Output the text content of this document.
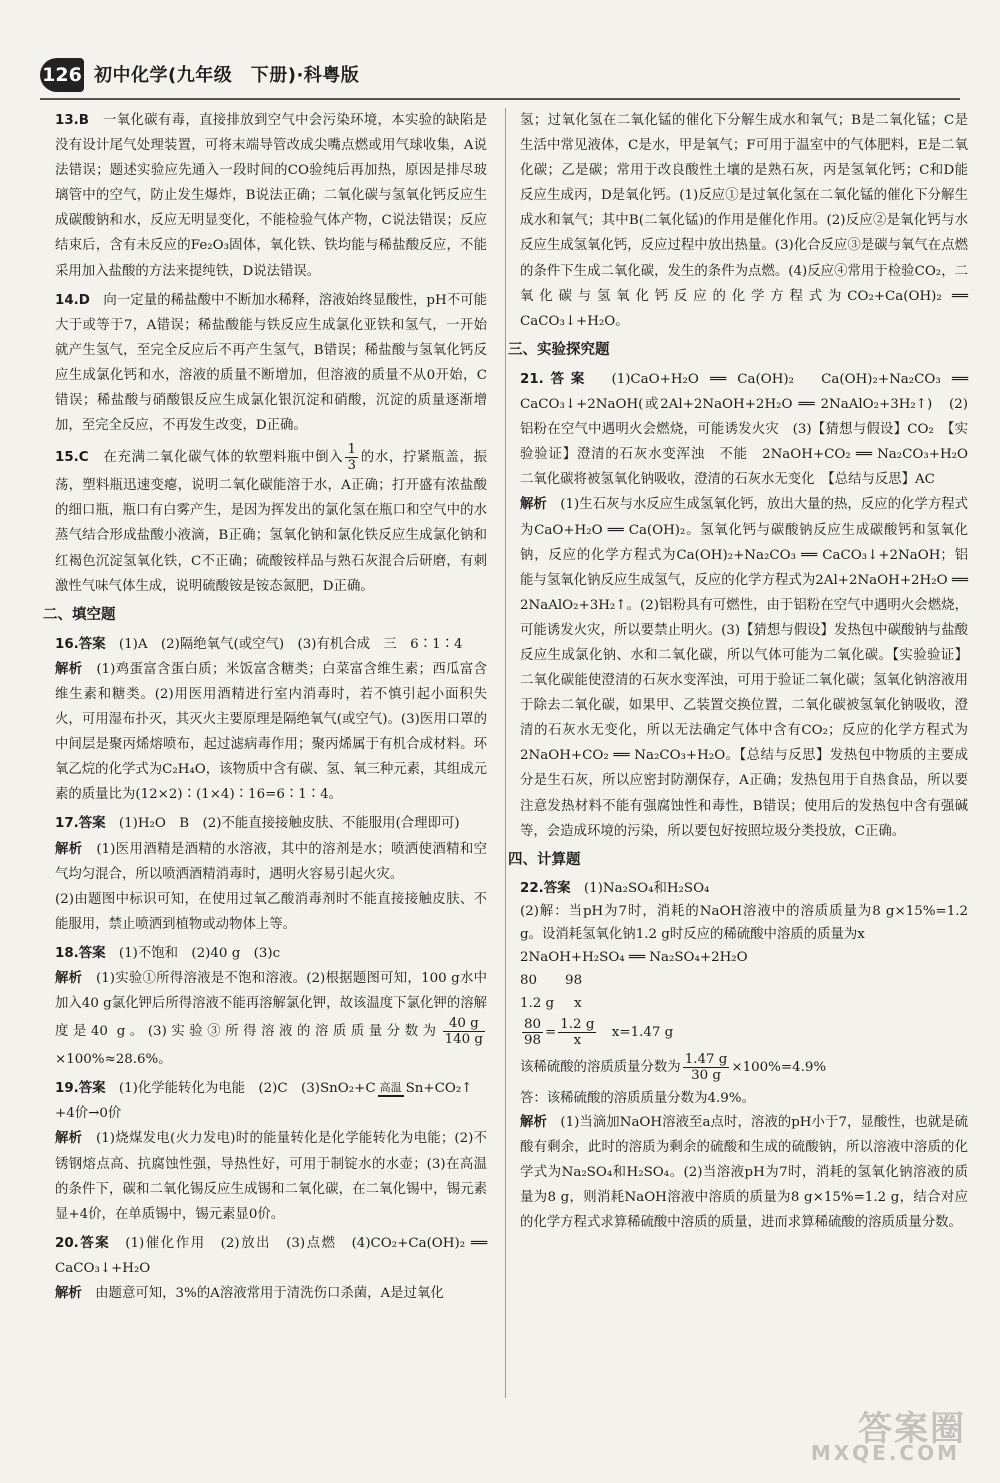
126 初中化学(九年级　下册)·科粤版

13.B　 一氧化碳有毒，直接排放到空气中会污染环境，本实验的缺陷是没有设计尾气处理装置，可将末端导管改成尖嘴点燃或用气球收集，A说法错误；题述实验应先通入一段时间的CO验纯后再加热，原因是排尽玻璃管中的空气，防止发生爆炸，B说法正确；二氧化碳与氢氧化钙反应生成碳酸钠和水，反应无明显变化，不能检验气体产物，C说法错误；反应结束后，含有未反应的Fe₂O₃固体，氧化铁、铁均能与稀盐酸反应，不能采用加入盐酸的方法来提纯铁，D说法错误。

14.D　 向一定量的稀盐酸中不断加水稀释，溶液始终显酸性，pH不可能大于或等于7，A错误；稀盐酸能与铁反应生成氯化亚铁和氢气，一开始就产生氢气，至完全反应后不再产生氢气，B错误；稀盐酸与氢氧化钙反应生成氯化钙和水，溶液的质量不断增加，但溶液的质量不从0开始，C错误；稀盐酸与硝酸银反应生成氯化银沉淀和硝酸，沉淀的质量逐渐增加，至完全反应，不再发生改变，D正确。

15.C　 在充满二氧化碳气体的软塑料瓶中倒入 $\frac{1}{3}$ 的水，拧紧瓶盖，振荡，塑料瓶迅速变瘪，说明二氧化碳能溶于水，A正确；打开盛有浓盐酸的细口瓶，瓶口有白雾产生，是因为挥发出的氯化氢在瓶口和空气中的水蒸气结合形成盐酸小液滴，B正确；氢氧化钠和氯化铁反应生成氯化钠和红褐色沉淀氢氧化铁，C不正确；硫酸铵样品与熟石灰混合后研磨，有刺激性气味气体生成，说明硫酸铵是铵态氮肥，D正确。

二、填空题

16.答案　 (1)A　(2)隔绝氧气(或空气)　(3)有机合成　三　6∶1∶4
解析　 (1)鸡蛋富含蛋白质；米饭富含糖类；白菜富含维生素；西瓜富含维生素和糖类。(2)用医用酒精进行室内消毒时，若不慎引起小面积失火，可用湿布扑灭，其灭火主要原理是隔绝氧气(或空气)。(3)医用口罩的中间层是聚丙烯熔喷布，起过滤病毒作用；聚丙烯属于有机合成材料。环氧乙烷的化学式为C₂H₄O，该物质中含有碳、氢、氧三种元素，其组成元素的质量比为(12×2)∶(1×4)∶16=6∶1∶4。

17.答案　 (1)H₂O　B　(2)不能直接接触皮肤、不能服用(合理即可)
解析　 (1)医用酒精是酒精的水溶液，其中的溶剂是水；喷洒使酒精和空气均匀混合，所以喷洒酒精消毒时，遇明火容易引起火灾。
(2)由题图中标识可知，在使用过氧乙酸消毒剂时不能直接接触皮肤、不能服用，禁止喷洒到植物或动物体上等。

18.答案　 (1)不饱和　(2)40 g　(3)c
解析　 (1)实验①所得溶液是不饱和溶液。(2)根据题图可知，100 g水中加入40 g氯化钾后所得溶液不能再溶解氯化钾，故该温度下氯化钾的溶解度是40 g。(3)实验③所得溶液的溶质质量分数为 $\frac{40 g}{140 g}$
×100%≈28.6%。

19.答案　 (1)化学能转化为电能　(2)C　(3)SnO₂+C 高温 Sn+CO₂↑
+4价→0价
解析　 (1)烧煤发电(火力发电)时的能量转化是化学能转化为电能；(2)不锈钢熔点高、抗腐蚀性强，导热性好，可用于制锭水的水壶；(3)在高温的条件下，碳和二氧化锡反应生成锡和二氧化碳，在二氧化锡中，锡元素显+4价，在单质锡中，锡元素显0价。

20.答案　 (1)催化作用　(2)放出　(3)点燃　(4)CO₂+Ca(OH)₂ ══ CaCO₃↓+H₂O
解析　 由题意可知，3%的A溶液常用于清洗伤口杀菌，A是过氧化

氢；过氧化氢在二氧化锰的催化下分解生成水和氧气；B是二氧化锰；C是生活中常见液体，C是水，甲是氧气；F可用于温室中的气体肥料，E是二氧化碳；乙是碳；常用于改良酸性土壤的是熟石灰，丙是氢氧化钙；C和D能反应生成丙，D是氧化钙。(1)反应①是过氧化氢在二氧化锰的催化下分解生成水和氧气；其中B(二氧化锰)的作用是催化作用。(2)反应②是氧化钙与水反应生成氢氧化钙，反应过程中放出热量。(3)化合反应③是碳与氧气在点燃的条件下生成二氧化碳，发生的条件为点燃。(4)反应④常用于检验CO₂，二氧化碳与氢氧化钙反应的化学方程式为CO₂+Ca(OH)₂ ══ CaCO₃↓+H₂O。

三、实验探究题

21.答案　 (1)CaO+H₂O ══ Ca(OH)₂　Ca(OH)₂+Na₂CO₃ ══ CaCO₃↓+2NaOH(或2Al+2NaOH+2H₂O ══ 2NaAlO₂+3H₂↑)　(2)铝粉在空气中遇明火会燃烧，可能诱发火灾　(3)【猜想与假设】CO₂　【实验验证】澄清的石灰水变浑浊　不能　2NaOH+CO₂ ══ Na₂CO₃+H₂O　二氧化碳将被氢氧化钠吸收，澄清的石灰水无变化　【总结与反思】AC
解析　 (1)生石灰与水反应生成氢氧化钙，放出大量的热，反应的化学方程式为CaO+H₂O ══ Ca(OH)₂。氢氧化钙与碳酸钠反应生成碳酸钙和氢氧化钠，反应的化学方程式为Ca(OH)₂+Na₂CO₃ ══ CaCO₃↓+2NaOH；铝能与氢氧化钠反应生成氢气，反应的化学方程式为2Al+2NaOH+2H₂O ══ 2NaAlO₂+3H₂↑。(2)铝粉具有可燃性，由于铝粉在空气中遇明火会燃烧，可能诱发火灾，所以要禁止明火。(3)【猜想与假设】发热包中碳酸钠与盐酸反应生成氯化钠、水和二氧化碳，所以气体可能为二氧化碳。【实验验证】二氧化碳能使澄清的石灰水变浑浊，可用于验证二氧化碳；氢氧化钠溶液用于除去二氧化碳，如果甲、乙装置交换位置，二氧化碳被氢氧化钠吸收，澄清的石灰水无变化，所以无法确定气体中含有CO₂；反应的化学方程式为2NaOH+CO₂ ══ Na₂CO₃+H₂O。【总结与反思】发热包中物质的主要成分是生石灰，所以应密封防潮保存，A正确；发热包用于自热食品，所以要注意发热材料不能有强腐蚀性和毒性，B错误；使用后的发热包中含有强碱等，会造成环境的污染，所以要包好按照垃圾分类投放，C正确。

四、计算题

22.答案　 (1)Na₂SO₄和H₂SO₄

(2)解：当pH为7时，消耗的NaOH溶液中的溶质质量为8 g×15%=1.2 g。设消耗氢氧化钠1.2 g时反应的稀硫酸中溶质的质量为x

2NaOH+H₂SO₄ ══ Na₂SO₄+2H₂O

80 98

1.2 g x

$\frac{80}{98} = \frac{1.2 g}{x}$
　 x=1.47 g

该稀硫酸的溶质质量分数为 $\frac{1.47 g}{30 g} \times 100\%=4.9\%$

答：该稀硫酸的溶质质量分数为4.9%。

解析　 (1)当滴加NaOH溶液至a点时，溶液的pH小于7，显酸性，也就是硫酸有剩余，此时的溶质为剩余的硫酸和生成的硫酸钠，所以溶液中溶质的化学式为Na₂SO₄和H₂SO₄。(2)当溶液pH为7时，消耗的氢氧化钠溶液的质量为8 g，则消耗NaOH溶液中溶质的质量为8 g×15%=1.2 g，结合对应的化学方程式求算稀硫酸中溶质的质量，进而求算稀硫酸的溶质质量分数。

答案圈
MXQE.COM
